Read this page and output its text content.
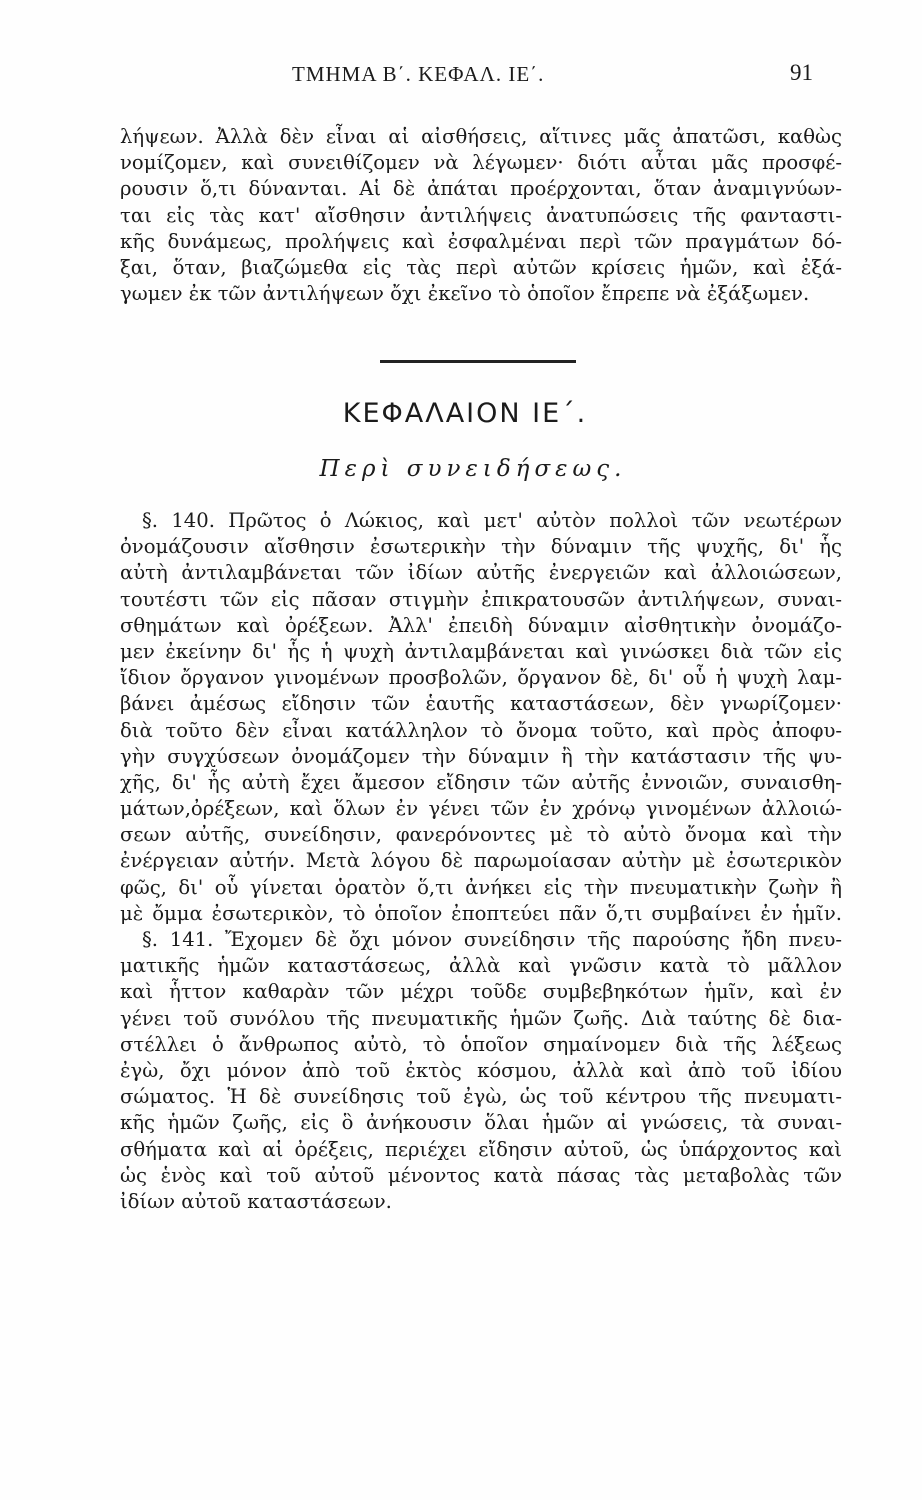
ΤΜΗΜΑ Β΄. ΚΕΦΑΛ. ΙΕ΄.	91
λήψεων. Ἀλλὰ δὲν εἶναι αἱ αἰσθήσεις, αἵτινες μᾶς ἀπατῶσι, καθὼς
νομίζομεν, καὶ συνειθίζομεν νὰ λέγωμεν· διότι αὗται μᾶς προσφέ-
ρουσιν ὅ,τι δύνανται. Αἱ δὲ ἀπάται προέρχονται, ὅταν ἀναμιγνύων-
ται εἰς τὰς κατ' αἴσθησιν ἀντιλήψεις ἀνατυπώσεις τῆς φανταστι-
κῆς δυνάμεως, προλήψεις καὶ ἐσφαλμέναι περὶ τῶν πραγμάτων δό-
ξαι, ὅταν, βιαζώμεθα εἰς τὰς περὶ αὐτῶν κρίσεις ἡμῶν, καὶ ἐξά-
γωμεν ἐκ τῶν ἀντιλήψεων ὄχι ἐκεῖνο τὸ ὁποῖον ἔπρεπε νὰ ἐξάξωμεν.
ΚΕΦΑΛΑΙΟΝ ΙΕ΄.
Περὶ συνειδήσεως.
§. 140. Πρῶτος ὁ Λώκιος, καὶ μετ' αὐτὸν πολλοὶ τῶν νεωτέρων
ὀνομάζουσιν αἴσθησιν ἐσωτερικὴν τὴν δύναμιν τῆς ψυχῆς, δι' ἧς
αὐτὴ ἀντιλαμβάνεται τῶν ἰδίων αὐτῆς ἐνεργειῶν καὶ ἀλλοιώσεων,
τουτέστι τῶν εἰς πᾶσαν στιγμὴν ἐπικρατουσῶν ἀντιλήψεων, συναι-
σθημάτων καὶ ὀρέξεων. Ἀλλ' ἐπειδὴ δύναμιν αἰσθητικὴν ὀνομάζο-
μεν ἐκείνην δι' ἧς ἡ ψυχὴ ἀντιλαμβάνεται καὶ γινώσκει διὰ τῶν εἰς
ἴδιον ὄργανον γινομένων προσβολῶν, ὄργανον δὲ, δι' οὗ ἡ ψυχὴ λαμ-
βάνει ἀμέσως εἴδησιν τῶν ἑαυτῆς καταστάσεων, δὲν γνωρίζομεν·
διὰ τοῦτο δὲν εἶναι κατάλληλον τὸ ὄνομα τοῦτο, καὶ πρὸς ἀποφυ-
γὴν συγχύσεων ὀνομάζομεν τὴν δύναμιν ἢ τὴν κατάστασιν τῆς ψυ-
χῆς, δι' ἧς αὐτὴ ἔχει ἄμεσον εἴδησιν τῶν αὐτῆς ἐννοιῶν, συναισθη-
μάτων,ὀρέξεων, καὶ ὅλων ἐν γένει τῶν ἐν χρόνῳ γινομένων ἀλλοιώ-
σεων αὐτῆς, συνείδησιν, φανερόνοντες μὲ τὸ αὐτὸ ὄνομα καὶ τὴν
ἐνέργειαν αὐτήν. Μετὰ λόγου δὲ παρωμοίασαν αὐτὴν μὲ ἐσωτερικὸν
φῶς, δι' οὗ γίνεται ὁρατὸν ὅ,τι ἀνήκει εἰς τὴν πνευματικὴν ζωὴν ἢ
μὲ ὄμμα ἐσωτερικὸν, τὸ ὁποῖον ἐποπτεύει πᾶν ὅ,τι συμβαίνει ἐν ἡμῖν.
§. 141. Ἔχομεν δὲ ὄχι μόνον συνείδησιν τῆς παρούσης ἤδη πνευ-
ματικῆς ἡμῶν καταστάσεως, ἀλλὰ καὶ γνῶσιν κατὰ τὸ μᾶλλον
καὶ ἧττον καθαρὰν τῶν μέχρι τοῦδε συμβεβηκότων ἡμῖν, καὶ ἐν
γένει τοῦ συνόλου τῆς πνευματικῆς ἡμῶν ζωῆς. Διὰ ταύτης δὲ δια-
στέλλει ὁ ἄνθρωπος αὐτὸ, τὸ ὁποῖον σημαίνομεν διὰ τῆς λέξεως
ἐγὼ, ὄχι μόνον ἀπὸ τοῦ ἐκτὸς κόσμου, ἀλλὰ καὶ ἀπὸ τοῦ ἰδίου
σώματος. Ἡ δὲ συνείδησις τοῦ ἐγὼ, ὡς τοῦ κέντρου τῆς πνευματι-
κῆς ἡμῶν ζωῆς, εἰς ὃ ἀνήκουσιν ὅλαι ἡμῶν αἱ γνώσεις, τὰ συναι-
σθήματα καὶ αἱ ὀρέξεις, περιέχει εἴδησιν αὐτοῦ, ὡς ὑπάρχοντος καὶ
ὡς ἑνὸς καὶ τοῦ αὐτοῦ μένοντος κατὰ πάσας τὰς μεταβολὰς τῶν
ἰδίων αὐτοῦ καταστάσεων.
